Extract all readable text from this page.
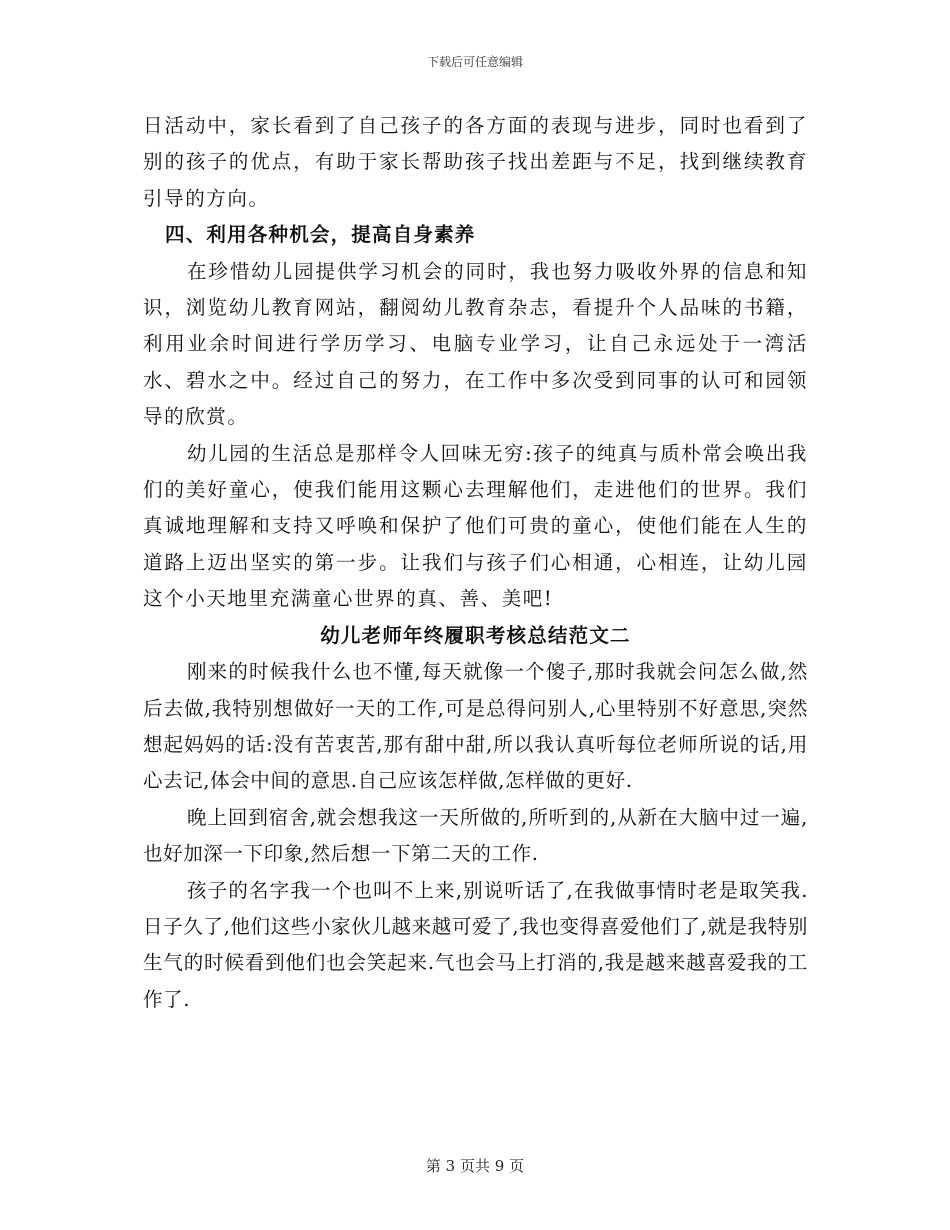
下载后可任意编辑

日活动中，家长看到了自己孩子的各方面的表现与进步，同时也看到了别的孩子的优点，有助于家长帮助孩子找出差距与不足，找到继续教育引导的方向。

四、利用各种机会，提高自身素养

在珍惜幼儿园提供学习机会的同时，我也努力吸收外界的信息和知识，浏览幼儿教育网站，翻阅幼儿教育杂志，看提升个人品味的书籍，利用业余时间进行学历学习、电脑专业学习，让自己永远处于一湾活水、碧水之中。经过自己的努力，在工作中多次受到同事的认可和园领导的欣赏。

幼儿园的生活总是那样令人回味无穷:孩子的纯真与质朴常会唤出我们的美好童心，使我们能用这颗心去理解他们，走进他们的世界。我们真诚地理解和支持又呼唤和保护了他们可贵的童心，使他们能在人生的道路上迈出坚实的第一步。让我们与孩子们心相通，心相连，让幼儿园这个小天地里充满童心世界的真、善、美吧!

幼儿老师年终履职考核总结范文二

刚来的时候我什么也不懂,每天就像一个傻子,那时我就会问怎么做,然后去做,我特别想做好一天的工作,可是总得问别人,心里特别不好意思,突然想起妈妈的话:没有苦衷苦,那有甜中甜,所以我认真听每位老师所说的话,用心去记,体会中间的意思.自己应该怎样做,怎样做的更好.

晚上回到宿舍,就会想我这一天所做的,所听到的,从新在大脑中过一遍,也好加深一下印象,然后想一下第二天的工作.

孩子的名字我一个也叫不上来,别说听话了,在我做事情时老是取笑我.日子久了,他们这些小家伙儿越来越可爱了,我也变得喜爱他们了,就是我特别生气的时候看到他们也会笑起来.气也会马上打消的,我是越来越喜爱我的工作了.

第 3 页共 9 页
